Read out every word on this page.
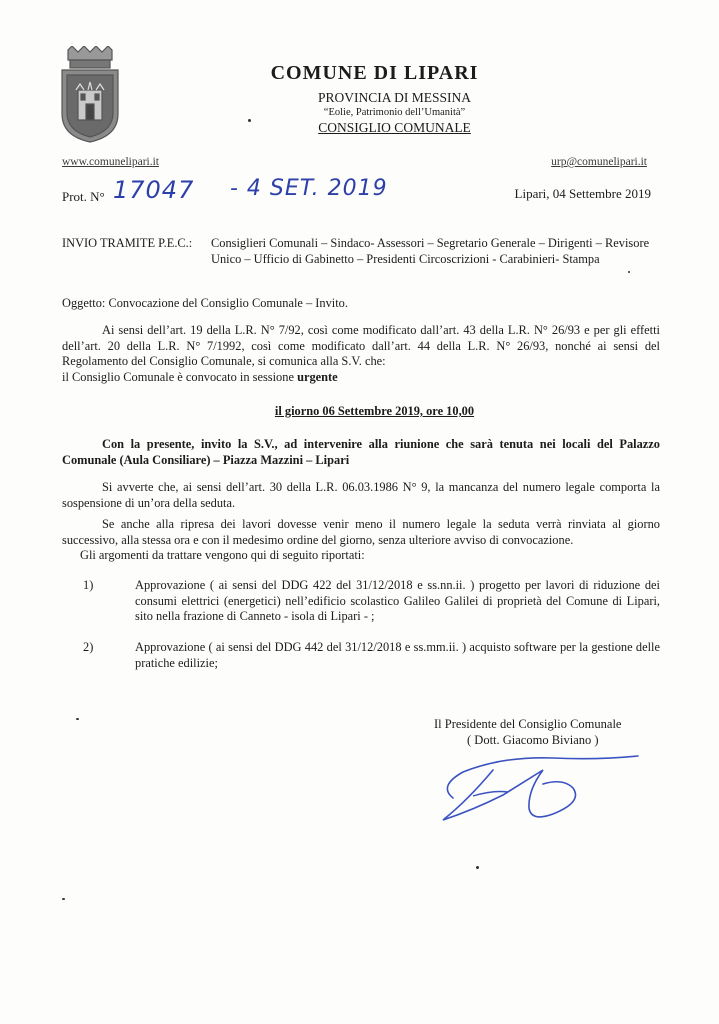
COMUNE DI LIPARI
PROVINCIA DI MESSINA
“Eolie, Patrimonio dell’Umanità”
CONSIGLIO COMUNALE
www.comunelipari.it	urp@comunelipari.it
Prot. N° 17047 - 4 SET. 2019	Lipari, 04 Settembre 2019
INVIO TRAMITE P.E.C.: Consiglieri Comunali – Sindaco- Assessori – Segretario Generale – Dirigenti – Revisore Unico – Ufficio di Gabinetto – Presidenti Circoscrizioni - Carabinieri- Stampa
Oggetto: Convocazione del Consiglio Comunale – Invito.
Ai sensi dell’art. 19 della L.R. N° 7/92, così come modificato dall’art. 43 della L.R. N° 26/93 e per gli effetti dell’art. 20 della L.R. N° 7/1992, così come modificato dall’art. 44 della L.R. N° 26/93, nonché ai sensi del Regolamento del Consiglio Comunale, si comunica alla S.V. che:
il Consiglio Comunale è convocato in sessione urgente
il giorno 06 Settembre 2019, ore 10,00
Con la presente, invito la S.V., ad intervenire alla riunione che sarà tenuta nei locali del Palazzo Comunale (Aula Consiliare) – Piazza Mazzini – Lipari
Si avverte che, ai sensi dell’art. 30 della L.R. 06.03.1986 N° 9, la mancanza del numero legale comporta la sospensione di un’ora della seduta.
Se anche alla ripresa dei lavori dovesse venir meno il numero legale la seduta verrà rinviata al giorno successivo, alla stessa ora e con il medesimo ordine del giorno, senza ulteriore avviso di convocazione.
Gli argomenti da trattare vengono qui di seguito riportati:
1)	Approvazione ( ai sensi del DDG 422 del 31/12/2018 e ss.nn.ii. ) progetto per lavori di riduzione dei consumi elettrici (energetici) nell’edificio scolastico Galileo Galilei di proprietà del Comune di Lipari, sito nella frazione di Canneto - isola di Lipari - ;
2)	Approvazione ( ai sensi del DDG 442 del 31/12/2018 e ss.mm.ii. ) acquisto software per la gestione delle pratiche edilizie;
Il Presidente del Consiglio Comunale
( Dott. Giacomo Biviano )
